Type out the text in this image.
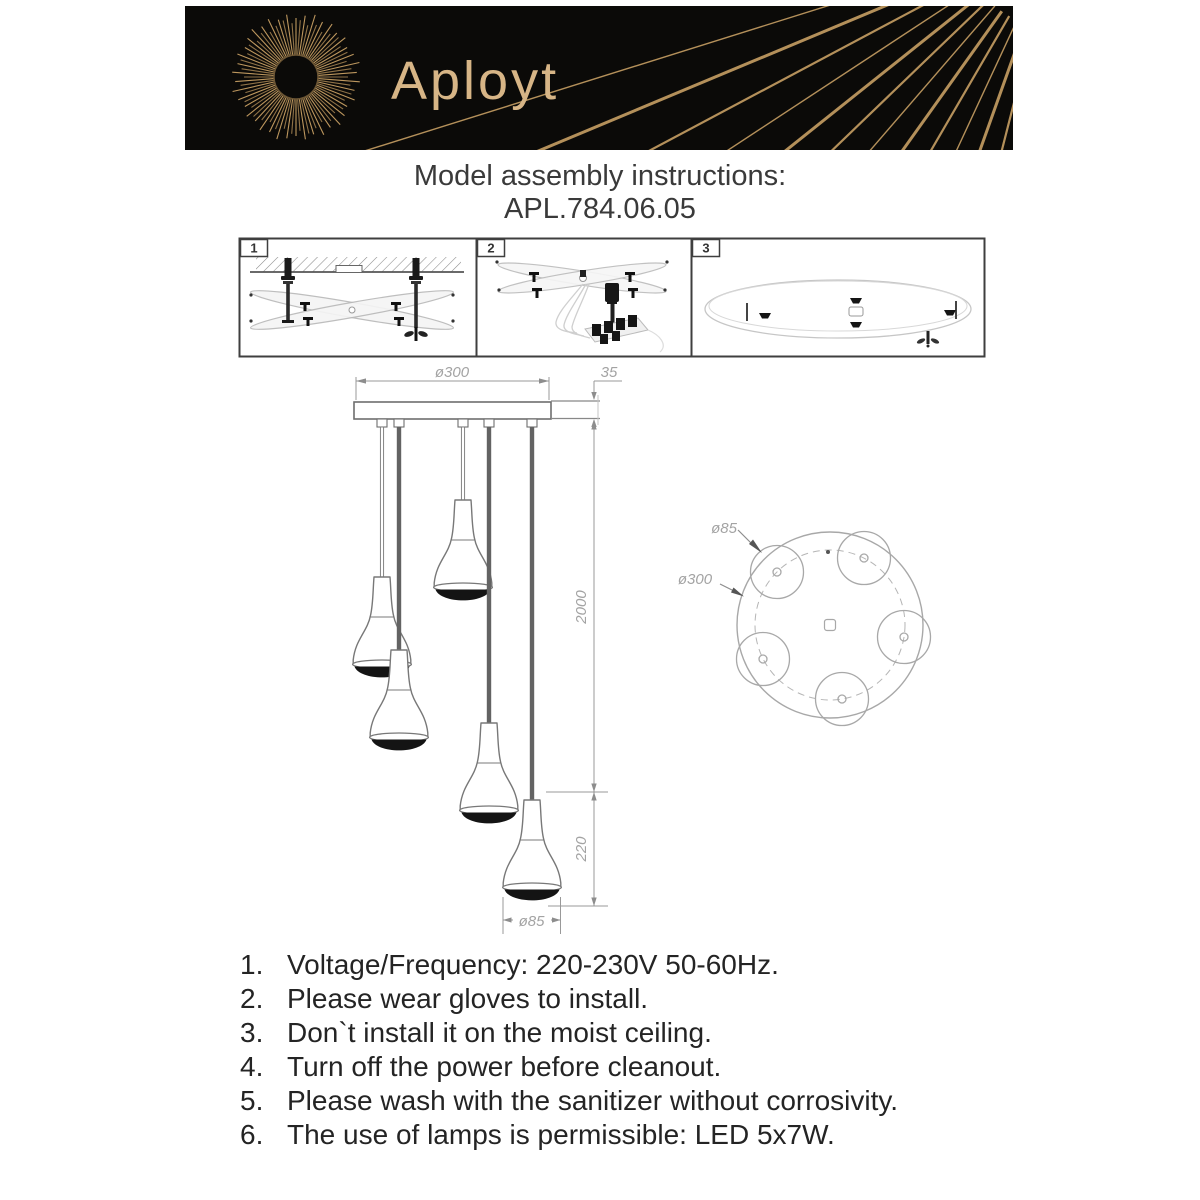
Aployt
Model assembly instructions:
APL.784.06.05
1	2	3
ø300	35
2000
220
ø85
ø85
ø300
1. Voltage/Frequency: 220-230V 50-60Hz.
2. Please wear gloves to install.
3. Don`t install it on the moist ceiling.
4. Turn off the power before cleanout.
5. Please wash with the sanitizer without corrosivity.
6. The use of lamps is permissible: LED 5x7W.
